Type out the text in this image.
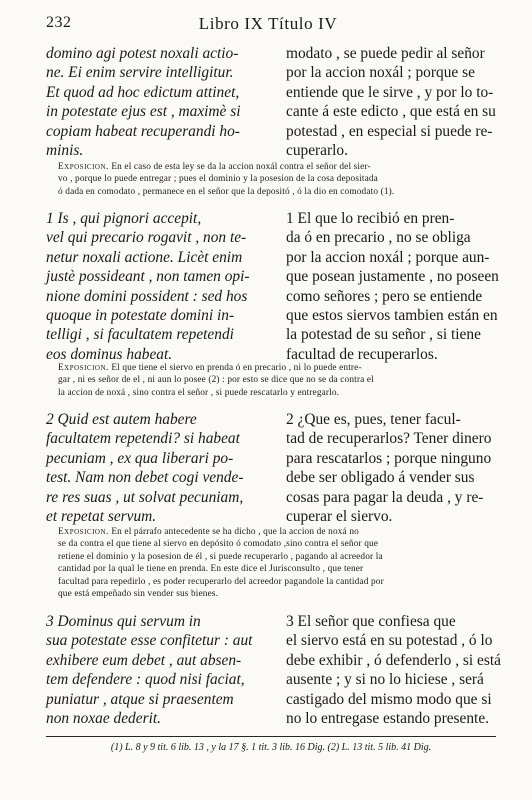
232	Libro IX Título IV
domino agi potest noxali actio-
ne. Ei enim servire intelligitur.
Et quod ad hoc edictum attinet,
in potestate ejus est , maximè si
copiam habeat recuperandi ho-
minis.
modato , se puede pedir al señor
por la accion noxál ; porque se
entiende que le sirve , y por lo to-
cante á este edicto , que está en su
potestad , en especial si puede re-
cuperarlo.
Exposicion. En el caso de esta ley se da la accion noxál contra el señor del sier-
vo , porque lo puede entregar ; pues el dominio y la posesion de la cosa depositada
ó dada en comodato , permanece en el señor que la depositó , ó la dio en comodato (1).
1 Is , qui pignori accepit,
vel qui precario rogavit , non te-
netur noxali actione. Licèt enim
justè possideant , non tamen opi-
nione domini possident : sed hos
quoque in potestate domini in-
telligi , si facultatem repetendi
eos dominus habeat.
1 El que lo recibió en pren-
da ó en precario , no se obliga
por la accion noxál ; porque aun-
que posean justamente , no poseen
como señores ; pero se entiende
que estos siervos tambien están en
la potestad de su señor , si tiene
facultad de recuperarlos.
Exposicion. El que tiene el siervo en prenda ó en precario , ni lo puede entre-
gar , ni es señor de el , ni aun lo posee (2) : por esto se dice que no se da contra el
la accion de noxá , sino contra el señor , si puede rescatarlo y entregarlo.
2 Quid est autem habere
facultatem repetendi? si habeat
pecuniam , ex qua liberari po-
test. Nam non debet cogi vende-
re res suas , ut solvat pecuniam,
et repetat servum.
2 ¿Que es, pues, tener facul-
tad de recuperarlos? Tener dinero
para rescatarlos ; porque ninguno
debe ser obligado á vender sus
cosas para pagar la deuda , y re-
cuperar el siervo.
Exposicion. En el párrafo antecedente se ha dicho , que la accion de noxá no
se da contra el que tiene al siervo en depósito ó comodato ,sino contra el señor que
retiene el dominio y la posesion de él , si puede recuperarlo , pagando al acreedor la
cantidad por la qual le tiene en prenda. En este dice el Jurisconsulto , que tener
facultad para repedirlo , es poder recuperarlo del acreedor pagandole la cantidad por
que está empeñado sin vender sus bienes.
3 Dominus qui servum in
sua potestate esse confitetur : aut
exhibere eum debet , aut absen-
tem defendere : quod nisi faciat,
puniatur , atque si praesentem
non noxae dederit.
3 El señor que confiesa que
el siervo está en su potestad , ó lo
debe exhibir , ó defenderlo , si está
ausente ; y si no lo hiciese , será
castigado del mismo modo que si
no lo entregase estando presente.
(1) L. 8 y 9 tit. 6 lib. 13 , y la 17 §. 1 tit. 3 lib. 16 Dig. (2) L. 13 tit. 5 lib. 41 Dig.
